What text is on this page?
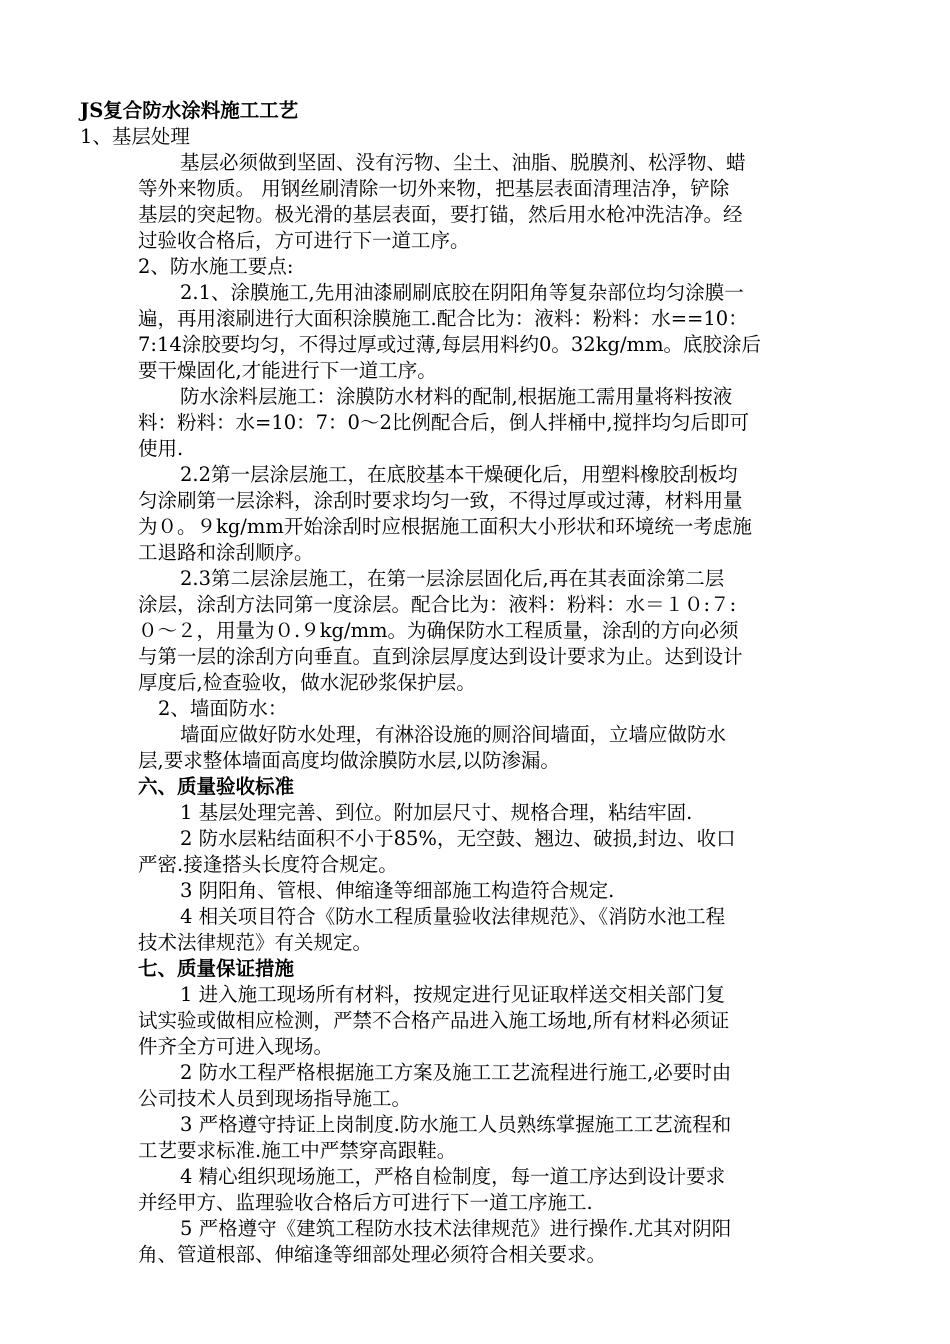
JS复合防水涂料施工工艺
1、基层处理
基层必须做到坚固、没有污物、尘土、油脂、脱膜剂、松浮物、蜡
等外来物质。 用钢丝刷清除一切外来物，把基层表面清理洁净，铲除
基层的突起物。极光滑的基层表面，要打锚，然后用水枪冲洗洁净。经
过验收合格后，方可进行下一道工序。
2、防水施工要点:
2.1、涂膜施工,先用油漆刷刷底胶在阴阳角等复杂部位均匀涂膜一
遍，再用滚刷进行大面积涂膜施工.配合比为：液料：粉料：水==10：
7:14涂胶要均匀，不得过厚或过薄,每层用料约0。32kg/mm。底胶涂后
要干燥固化,才能进行下一道工序。
防水涂料层施工：涂膜防水材料的配制,根据施工需用量将料按液
料：粉料：水=10：7：0～2比例配合后，倒人拌桶中,搅拌均匀后即可
使用.
2.2第一层涂层施工，在底胶基本干燥硬化后，用塑料橡胶刮板均
匀涂刷第一层涂料，涂刮时要求均匀一致，不得过厚或过薄，材料用量
为０。９kg/mm开始涂刮时应根据施工面积大小形状和环境统一考虑施
工退路和涂刮顺序。
2.3第二层涂层施工，在第一层涂层固化后,再在其表面涂第二层
涂层，涂刮方法同第一度涂层。配合比为：液料：粉料：水＝１０:７:
０～２，用量为０.９kg/mm。为确保防水工程质量，涂刮的方向必须
与第一层的涂刮方向垂直。直到涂层厚度达到设计要求为止。达到设计
厚度后,检查验收，做水泥砂浆保护层。
2、墙面防水：
墙面应做好防水处理，有淋浴设施的厕浴间墙面，立墙应做防水
层,要求整体墙面高度均做涂膜防水层,以防渗漏。
六、质量验收标准
1 基层处理完善、到位。附加层尺寸、规格合理，粘结牢固.
2 防水层粘结面积不小于85%，无空鼓、翘边、破损,封边、收口
严密.接逢搭头长度符合规定。
3 阴阳角、管根、伸缩逢等细部施工构造符合规定.
4 相关项目符合《防水工程质量验收法律规范》、《消防水池工程
技术法律规范》有关规定。
七、质量保证措施
1 进入施工现场所有材料，按规定进行见证取样送交相关部门复
试实验或做相应检测，严禁不合格产品进入施工场地,所有材料必须证
件齐全方可进入现场。
2 防水工程严格根据施工方案及施工工艺流程进行施工,必要时由
公司技术人员到现场指导施工。
3 严格遵守持证上岗制度.防水施工人员熟练掌握施工工艺流程和
工艺要求标准.施工中严禁穿高跟鞋。
4 精心组织现场施工，严格自检制度，每一道工序达到设计要求
并经甲方、监理验收合格后方可进行下一道工序施工.
5 严格遵守《建筑工程防水技术法律规范》进行操作.尤其对阴阳
角、管道根部、伸缩逢等细部处理必须符合相关要求。
